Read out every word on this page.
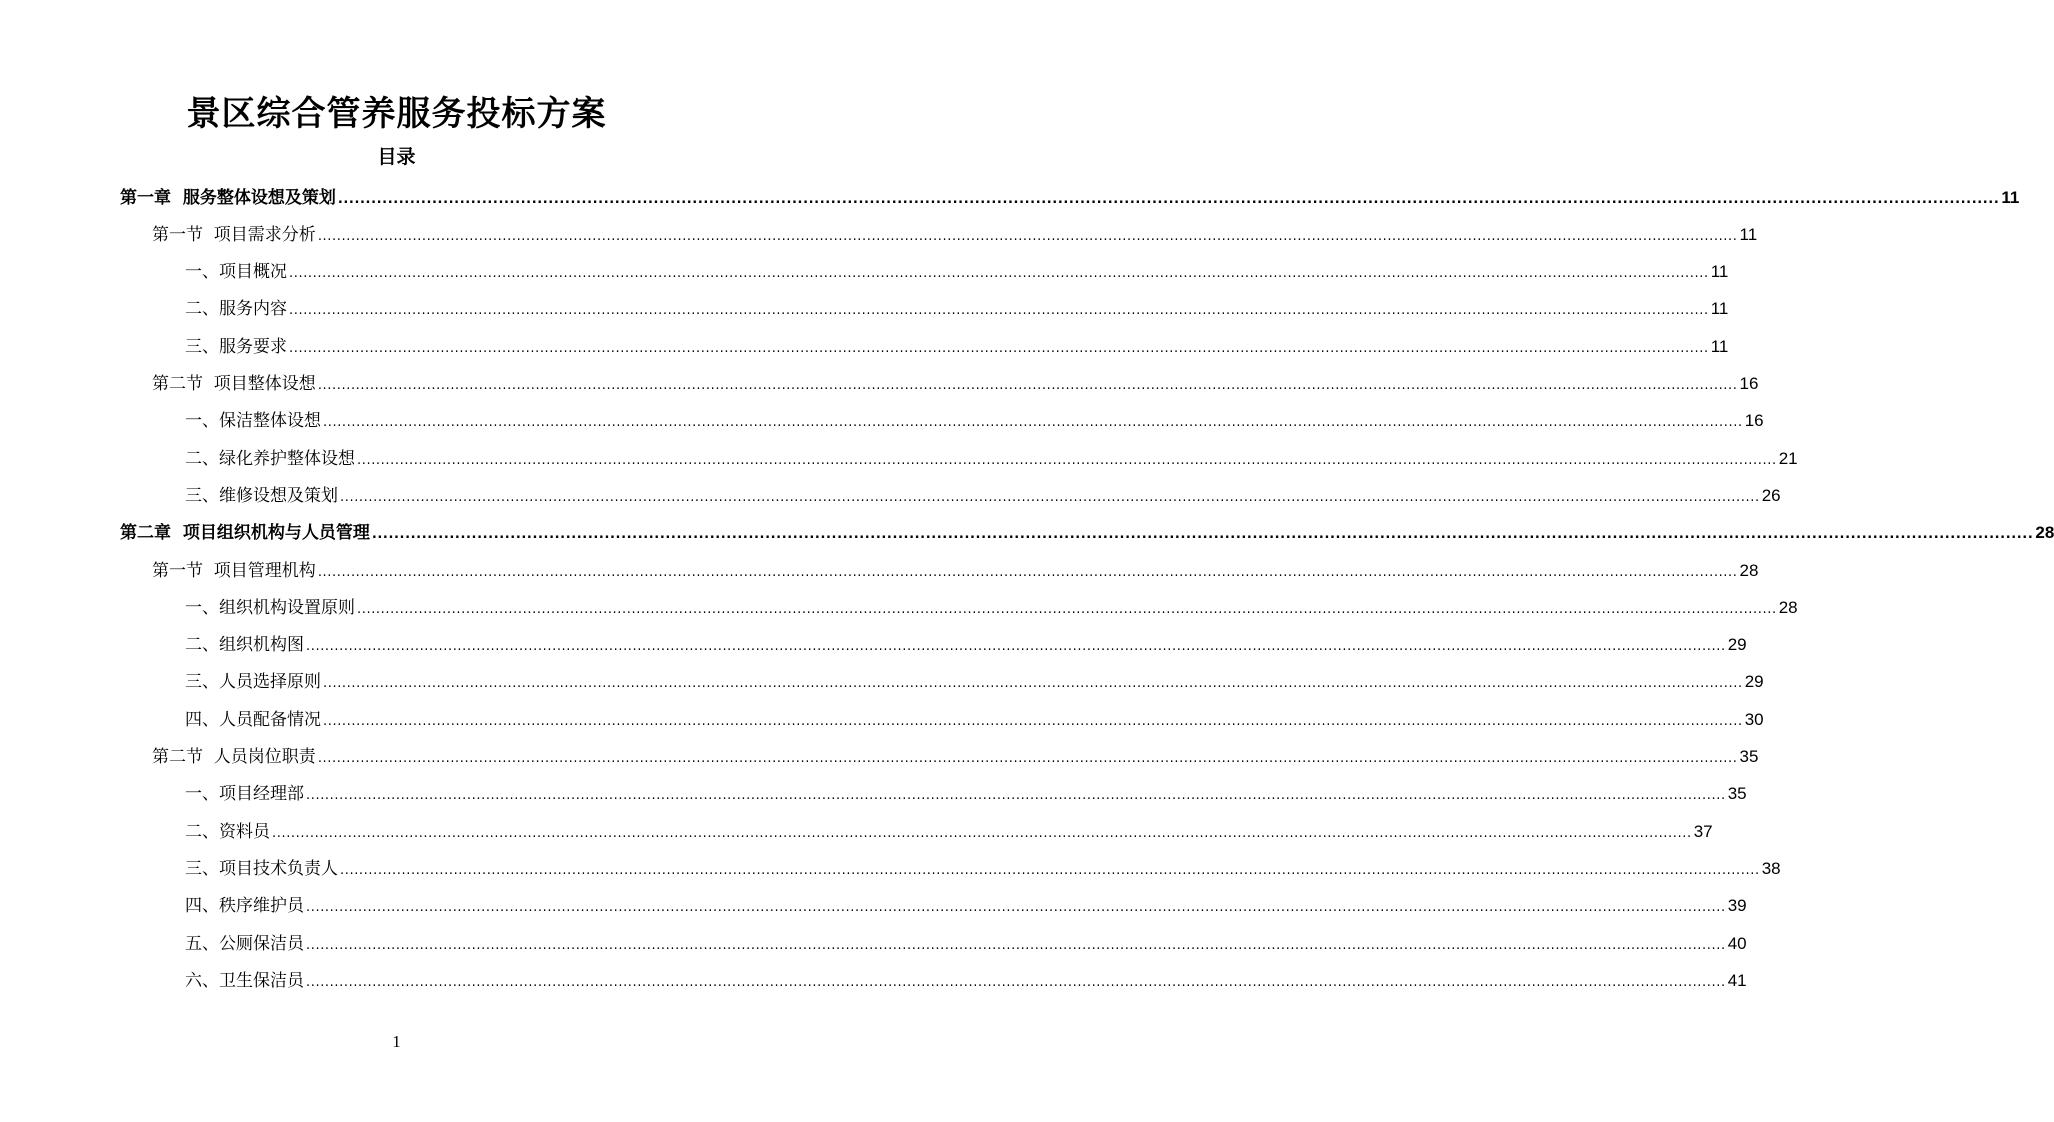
景区综合管养服务投标方案
目录
第一章  服务整体设想及策划 ............................................................................................................................................................................................................................................................................................................ 11
第一节  项目需求分析 ............................................................................................................................................................................................................................................................................................................ 11
一、项目概况 ............................................................................................................................................................................................................................................................................................................ 11
二、服务内容 ............................................................................................................................................................................................................................................................................................................ 11
三、服务要求 ............................................................................................................................................................................................................................................................................................................ 11
第二节  项目整体设想 ............................................................................................................................................................................................................................................................................................................ 16
一、保洁整体设想 ............................................................................................................................................................................................................................................................................................................ 16
二、绿化养护整体设想 ............................................................................................................................................................................................................................................................................................................ 21
三、维修设想及策划 ............................................................................................................................................................................................................................................................................................................ 26
第二章  项目组织机构与人员管理 ............................................................................................................................................................................................................................................................................................................ 28
第一节  项目管理机构 ............................................................................................................................................................................................................................................................................................................ 28
一、组织机构设置原则 ............................................................................................................................................................................................................................................................................................................ 28
二、组织机构图 ............................................................................................................................................................................................................................................................................................................ 29
三、人员选择原则 ............................................................................................................................................................................................................................................................................................................ 29
四、人员配备情况 ............................................................................................................................................................................................................................................................................................................ 30
第二节  人员岗位职责 ............................................................................................................................................................................................................................................................................................................ 35
一、项目经理部 ............................................................................................................................................................................................................................................................................................................ 35
二、资料员 ............................................................................................................................................................................................................................................................................................................ 37
三、项目技术负责人 ............................................................................................................................................................................................................................................................................................................ 38
四、秩序维护员 ............................................................................................................................................................................................................................................................................................................ 39
五、公厕保洁员 ............................................................................................................................................................................................................................................................................................................ 40
六、卫生保洁员 ............................................................................................................................................................................................................................................................................................................ 41
1
